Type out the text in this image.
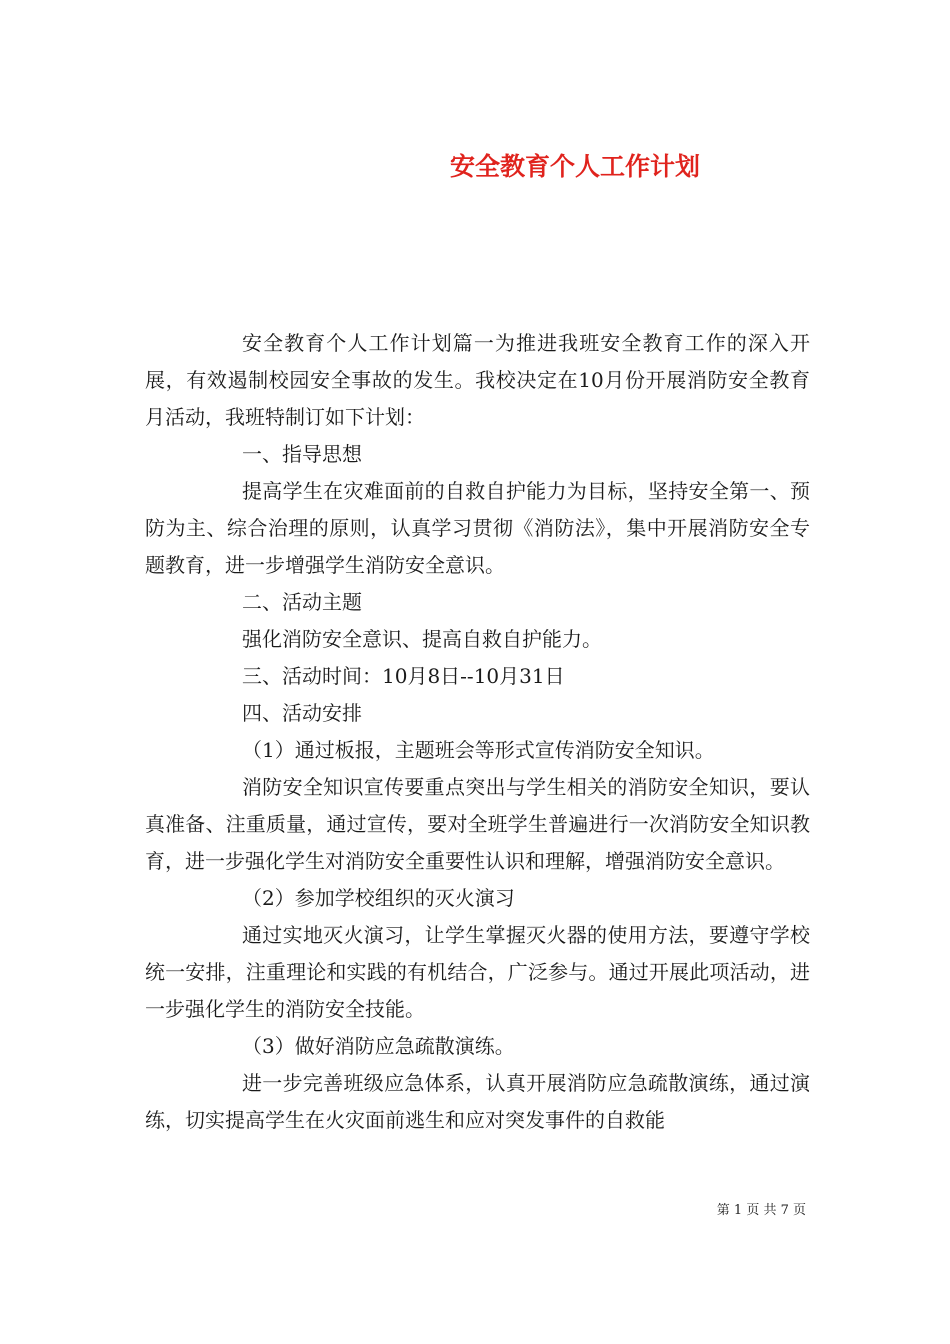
安全教育个人工作计划

安全教育个人工作计划篇一为推进我班安全教育工作的深入开展，有效遏制校园安全事故的发生。我校决定在10月份开展消防安全教育月活动，我班特制订如下计划：

一、指导思想

提高学生在灾难面前的自救自护能力为目标，坚持安全第一、预防为主、综合治理的原则，认真学习贯彻《消防法》，集中开展消防安全专题教育，进一步增强学生消防安全意识。

二、活动主题

强化消防安全意识、提高自救自护能力。

三、活动时间：10月8日--10月31日

四、活动安排

（1）通过板报，主题班会等形式宣传消防安全知识。

消防安全知识宣传要重点突出与学生相关的消防安全知识，要认真准备、注重质量，通过宣传，要对全班学生普遍进行一次消防安全知识教育，进一步强化学生对消防安全重要性认识和理解，增强消防安全意识。

（2）参加学校组织的灭火演习

通过实地灭火演习，让学生掌握灭火器的使用方法，要遵守学校统一安排，注重理论和实践的有机结合，广泛参与。通过开展此项活动，进一步强化学生的消防安全技能。

（3）做好消防应急疏散演练。

进一步完善班级应急体系，认真开展消防应急疏散演练，通过演练，切实提高学生在火灾面前逃生和应对突发事件的自救能

第 1 页 共 7 页
